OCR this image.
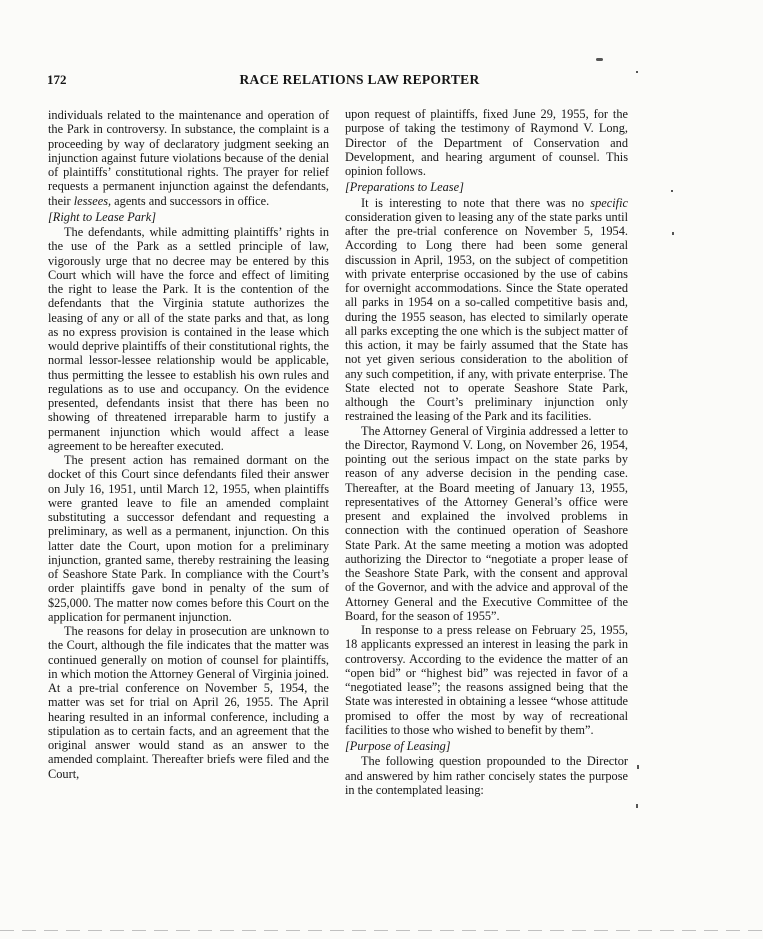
172	RACE RELATIONS LAW REPORTER

individuals related to the maintenance and operation of the Park in controversy. In substance, the complaint is a proceeding by way of declaratory judgment seeking an injunction against future violations because of the denial of plaintiffs’ constitutional rights. The prayer for relief requests a permanent injunction against the defendants, their lessees, agents and successors in office.

[Right to Lease Park]

The defendants, while admitting plaintiffs’ rights in the use of the Park as a settled principle of law, vigorously urge that no decree may be entered by this Court which will have the force and effect of limiting the right to lease the Park. It is the contention of the defendants that the Virginia statute authorizes the leasing of any or all of the state parks and that, as long as no express provision is contained in the lease which would deprive plaintiffs of their constitutional rights, the normal lessor-lessee relationship would be applicable, thus permitting the lessee to establish his own rules and regulations as to use and occupancy. On the evidence presented, defendants insist that there has been no showing of threatened irreparable harm to justify a permanent injunction which would affect a lease agreement to be hereafter executed.

The present action has remained dormant on the docket of this Court since defendants filed their answer on July 16, 1951, until March 12, 1955, when plaintiffs were granted leave to file an amended complaint substituting a successor defendant and requesting a preliminary, as well as a permanent, injunction. On this latter date the Court, upon motion for a preliminary injunction, granted same, thereby restraining the leasing of Seashore State Park. In compliance with the Court’s order plaintiffs gave bond in penalty of the sum of $25,000. The matter now comes before this Court on the application for permanent injunction.

The reasons for delay in prosecution are unknown to the Court, although the file indicates that the matter was continued generally on motion of counsel for plaintiffs, in which motion the Attorney General of Virginia joined. At a pre-trial conference on November 5, 1954, the matter was set for trial on April 26, 1955. The April hearing resulted in an informal conference, including a stipulation as to certain facts, and an agreement that the original answer would stand as an answer to the amended complaint. Thereafter briefs were filed and the Court,

upon request of plaintiffs, fixed June 29, 1955, for the purpose of taking the testimony of Raymond V. Long, Director of the Department of Conservation and Development, and hearing argument of counsel. This opinion follows.

[Preparations to Lease]

It is interesting to note that there was no specific consideration given to leasing any of the state parks until after the pre-trial conference on November 5, 1954. According to Long there had been some general discussion in April, 1953, on the subject of competition with private enterprise occasioned by the use of cabins for overnight accommodations. Since the State operated all parks in 1954 on a so-called competitive basis and, during the 1955 season, has elected to similarly operate all parks excepting the one which is the subject matter of this action, it may be fairly assumed that the State has not yet given serious consideration to the abolition of any such competition, if any, with private enterprise. The State elected not to operate Seashore State Park, although the Court’s preliminary injunction only restrained the leasing of the Park and its facilities.

The Attorney General of Virginia addressed a letter to the Director, Raymond V. Long, on November 26, 1954, pointing out the serious impact on the state parks by reason of any adverse decision in the pending case. Thereafter, at the Board meeting of January 13, 1955, representatives of the Attorney General’s office were present and explained the involved problems in connection with the continued operation of Seashore State Park. At the same meeting a motion was adopted authorizing the Director to “negotiate a proper lease of the Seashore State Park, with the consent and approval of the Governor, and with the advice and approval of the Attorney General and the Executive Committee of the Board, for the season of 1955”.

In response to a press release on February 25, 1955, 18 applicants expressed an interest in leasing the park in controversy. According to the evidence the matter of an “open bid” or “highest bid” was rejected in favor of a “negotiated lease”; the reasons assigned being that the State was interested in obtaining a lessee “whose attitude promised to offer the most by way of recreational facilities to those who wished to benefit by them”.

[Purpose of Leasing]

The following question propounded to the Director and answered by him rather concisely states the purpose in the contemplated leasing:
